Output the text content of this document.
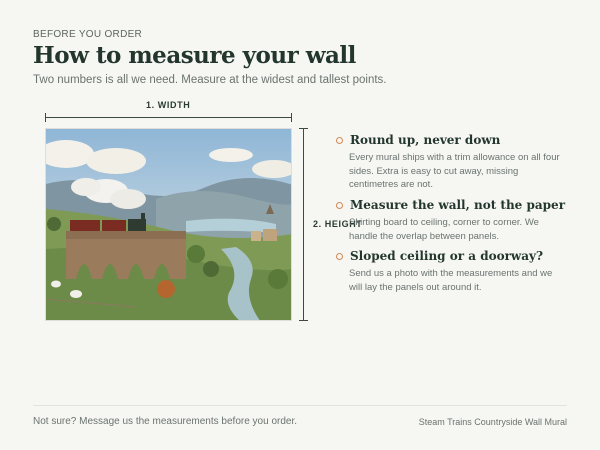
BEFORE YOU ORDER
How to measure your wall
Two numbers is all we need. Measure at the widest and tallest points.
1. WIDTH
2. HEIGHT
Round up, never down
Every mural ships with a trim allowance on all four sides. Extra is easy to cut away, missing centimetres are not.
Measure the wall, not the paper
Skirting board to ceiling, corner to corner. We handle the overlap between panels.
Sloped ceiling or a doorway?
Send us a photo with the measurements and we will lay the panels out around it.
Not sure? Message us the measurements before you order.	Steam Trains Countryside Wall Mural
